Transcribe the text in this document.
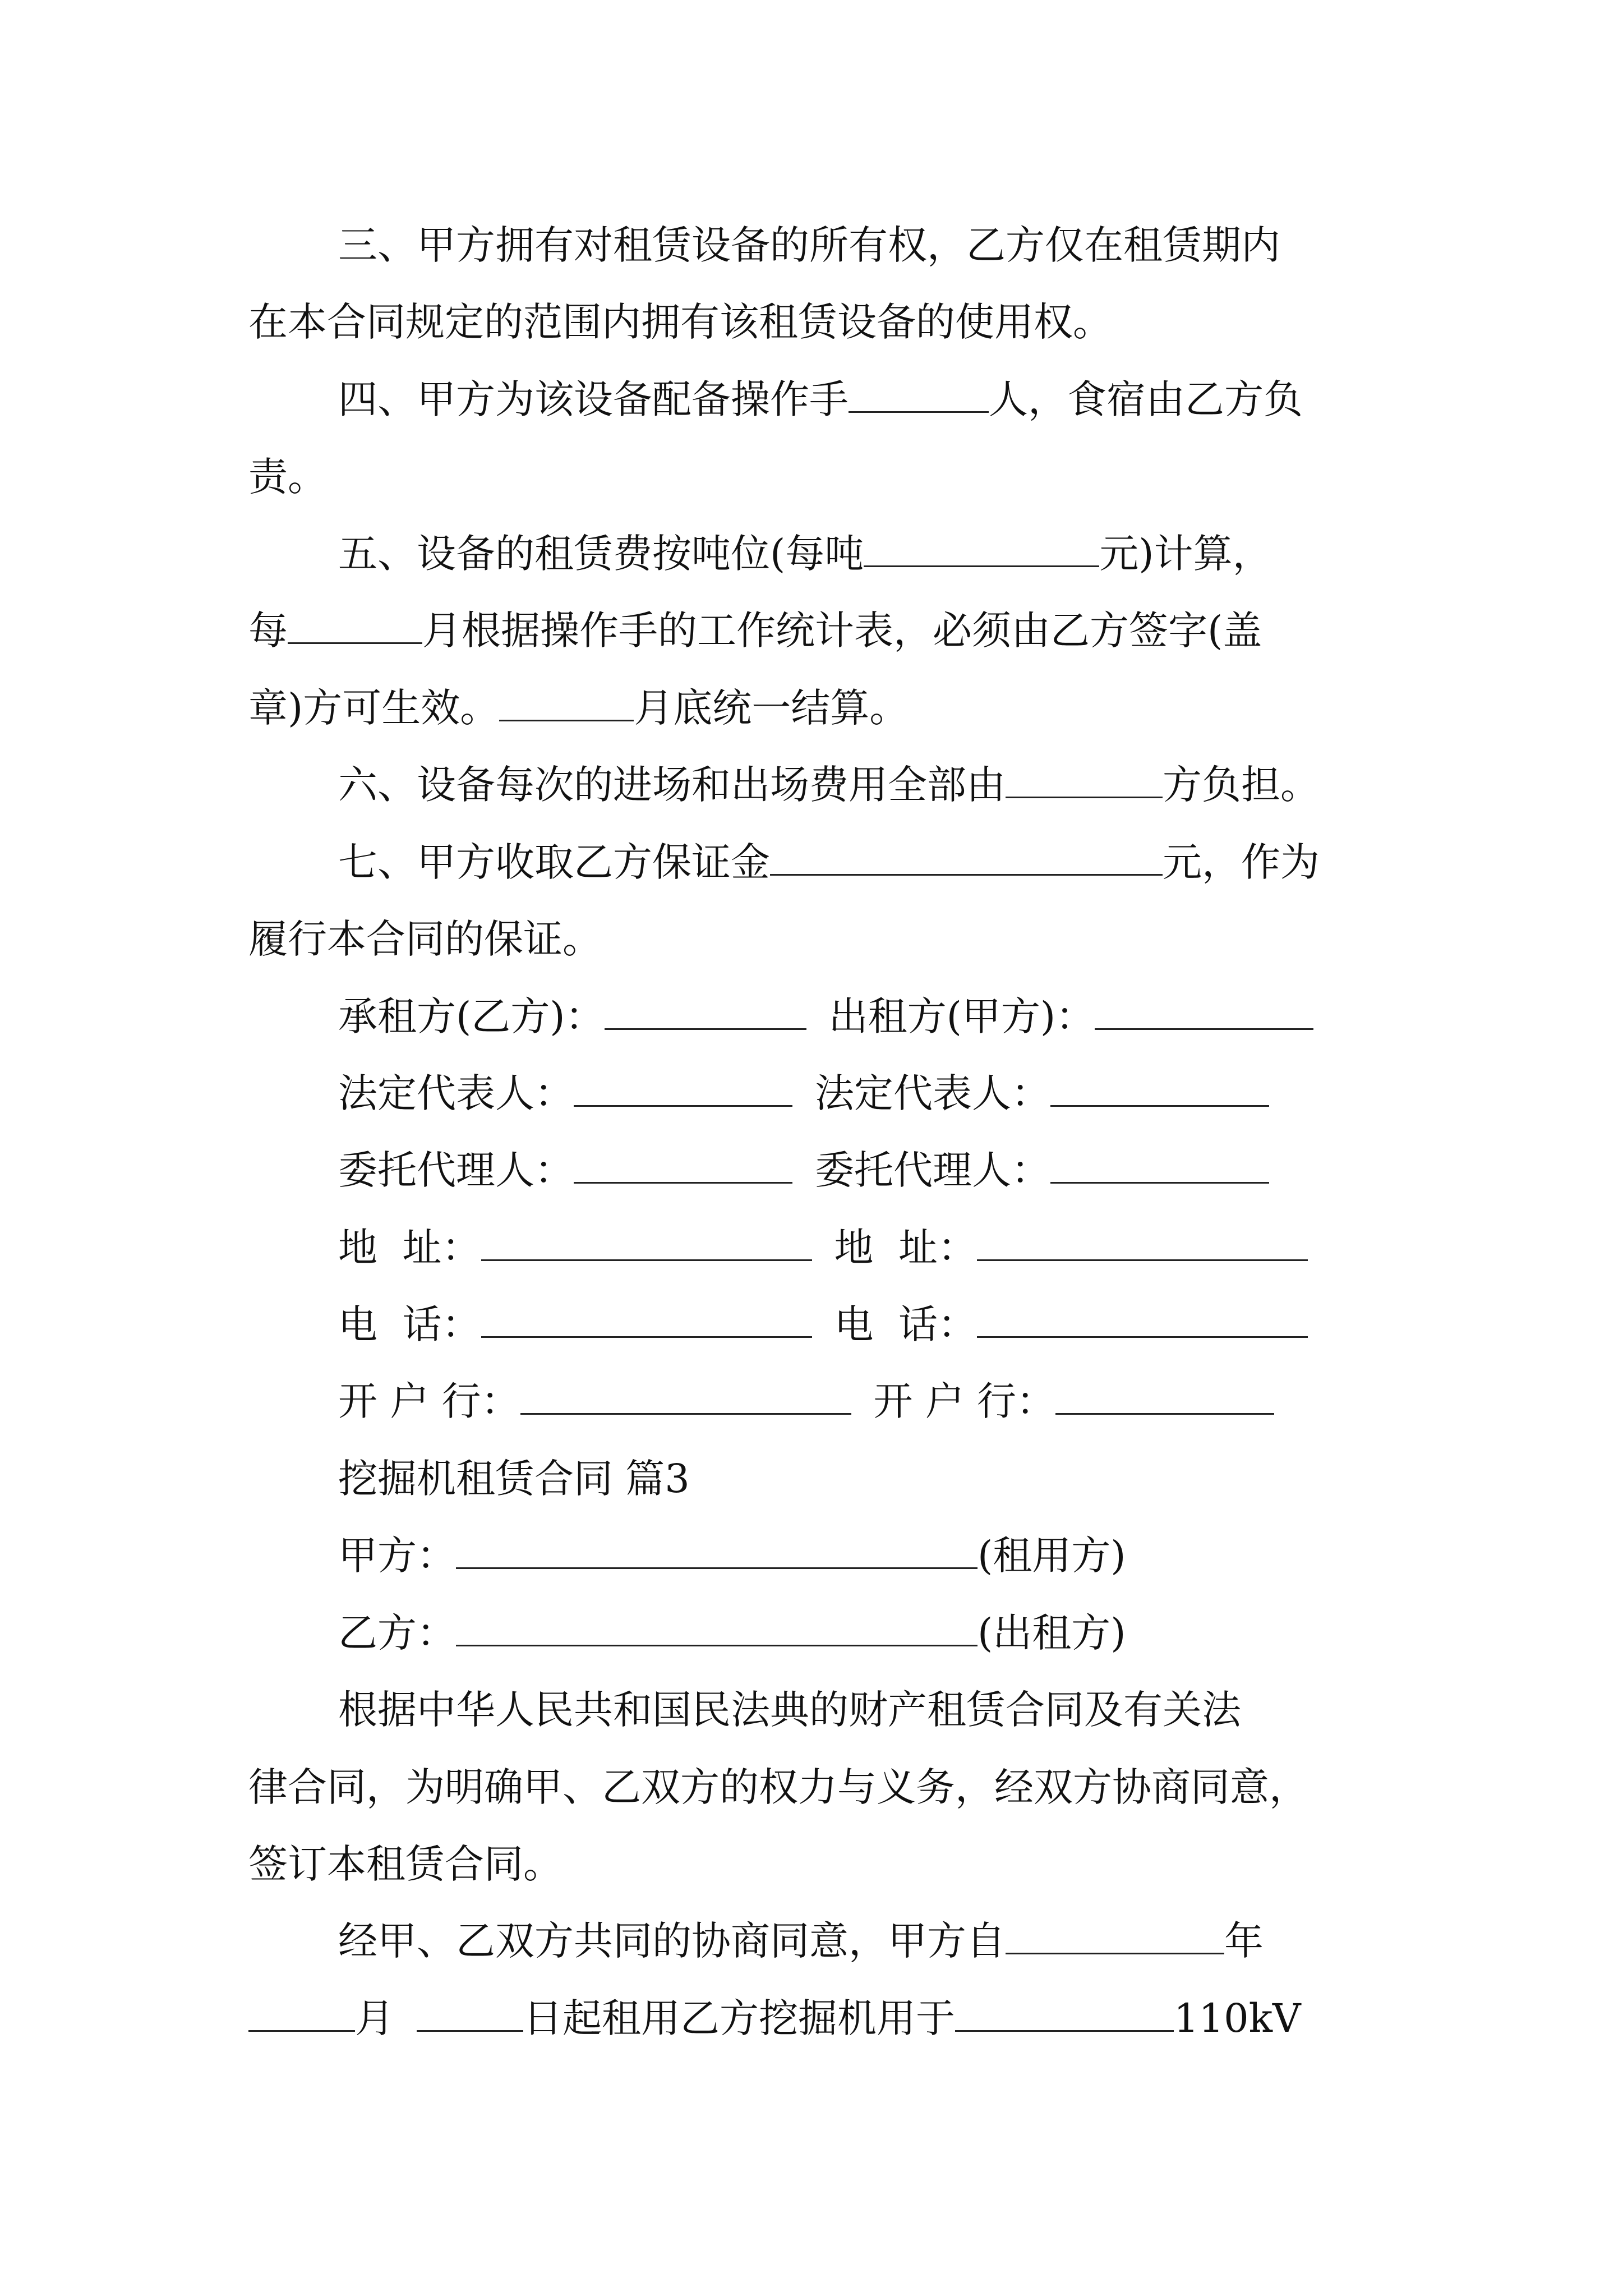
三、甲方拥有对租赁设备的所有权，乙方仅在租赁期内
在本合同规定的范围内拥有该租赁设备的使用权。
四、甲方为该设备配备操作手	人，食宿由乙方负
责。
五、设备的租赁费按吨位(每吨	元)计算，
每	月根据操作手的工作统计表，必须由乙方签字(盖
章)方可生效。	月底统一结算。
六、设备每次的进场和出场费用全部由	方负担。
七、甲方收取乙方保证金	元，作为
履行本合同的保证。
承租方(乙方)：	出租方(甲方)：
法定代表人：	法定代表人：
委托代理人：	委托代理人：
地  址：	地  址：
电  话：	电  话：
开 户 行：	开 户 行：
挖掘机租赁合同 篇3
甲方：	(租用方)
乙方：	(出租方)
根据中华人民共和国民法典的财产租赁合同及有关法
律合同，为明确甲、乙双方的权力与义务，经双方协商同意，
签订本租赁合同。
经甲、乙双方共同的协商同意，甲方自	年
月	日起租用乙方挖掘机用于	110kV
